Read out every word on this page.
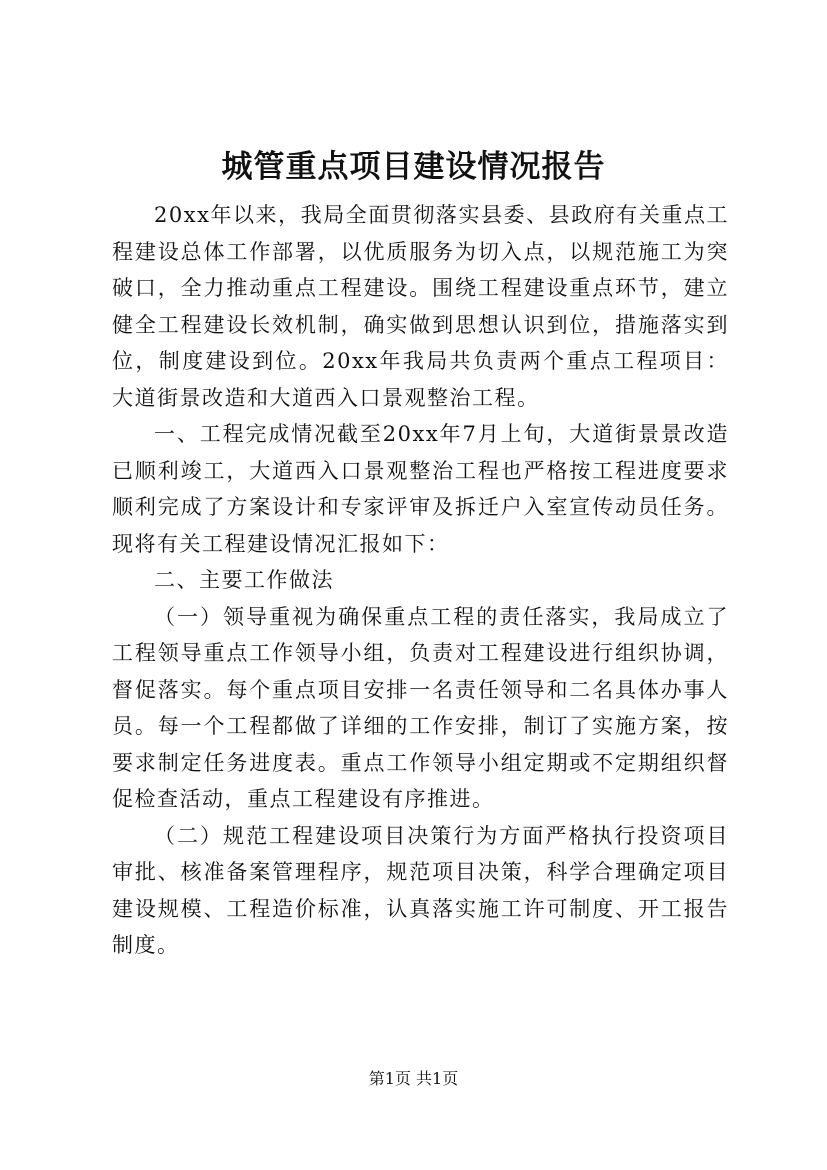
城管重点项目建设情况报告

20xx年以来，我局全面贯彻落实县委、县政府有关重点工程建设总体工作部署，以优质服务为切入点，以规范施工为突破口，全力推动重点工程建设。围绕工程建设重点环节，建立健全工程建设长效机制，确实做到思想认识到位，措施落实到位，制度建设到位。20xx年我局共负责两个重点工程项目：大道街景改造和大道西入口景观整治工程。

一、工程完成情况截至20xx年7月上旬，大道街景景改造已顺利竣工，大道西入口景观整治工程也严格按工程进度要求顺利完成了方案设计和专家评审及拆迁户入室宣传动员任务。现将有关工程建设情况汇报如下：

二、主要工作做法

（一）领导重视为确保重点工程的责任落实，我局成立了工程领导重点工作领导小组，负责对工程建设进行组织协调，督促落实。每个重点项目安排一名责任领导和二名具体办事人员。每一个工程都做了详细的工作安排，制订了实施方案，按要求制定任务进度表。重点工作领导小组定期或不定期组织督促检查活动，重点工程建设有序推进。

（二）规范工程建设项目决策行为方面严格执行投资项目审批、核准备案管理程序，规范项目决策，科学合理确定项目建设规模、工程造价标准，认真落实施工许可制度、开工报告制度。

第1页 共1页
